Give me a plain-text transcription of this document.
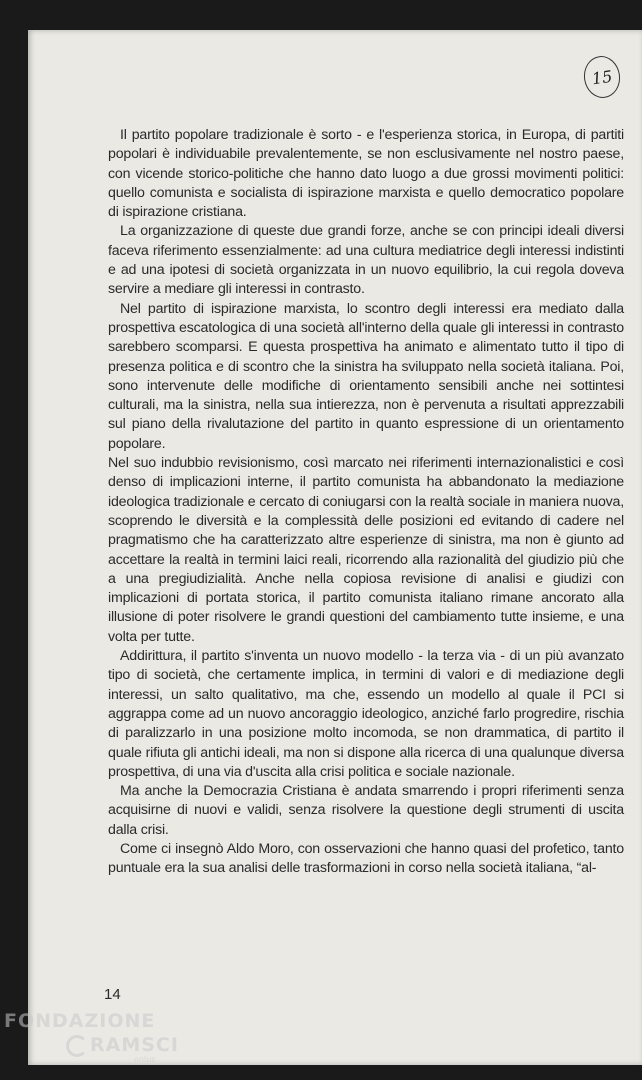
15

Il partito popolare tradizionale è sorto - e l'esperienza storica, in Europa, di partiti popolari è individuabile prevalentemente, se non esclusivamente nel nostro paese, con vicende storico-politiche che hanno dato luogo a due grossi movimenti politici: quello comunista e socialista di ispirazione marxista e quello democratico popolare di ispirazione cristiana.

La organizzazione di queste due grandi forze, anche se con principi ideali diversi faceva riferimento essenzialmente: ad una cultura mediatrice degli interessi indistinti e ad una ipotesi di società organizzata in un nuovo equilibrio, la cui regola doveva servire a mediare gli interessi in contrasto.

Nel partito di ispirazione marxista, lo scontro degli interessi era mediato dalla prospettiva escatologica di una società all'interno della quale gli interessi in contrasto sarebbero scomparsi. E questa prospettiva ha animato e alimentato tutto il tipo di presenza politica e di scontro che la sinistra ha sviluppato nella società italiana. Poi, sono intervenute delle modifiche di orientamento sensibili anche nei sottintesi culturali, ma la sinistra, nella sua intierezza, non è pervenuta a risultati apprezzabili sul piano della rivalutazione del partito in quanto espressione di un orientamento popolare.

Nel suo indubbio revisionismo, così marcato nei riferimenti internazionalistici e così denso di implicazioni interne, il partito comunista ha abbandonato la mediazione ideologica tradizionale e cercato di coniugarsi con la realtà sociale in maniera nuova, scoprendo le diversità e la complessità delle posizioni ed evitando di cadere nel pragmatismo che ha caratterizzato altre esperienze di sinistra, ma non è giunto ad accettare la realtà in termini laici reali, ricorrendo alla razionalità del giudizio più che a una pregiudizialità. Anche nella copiosa revisione di analisi e giudizi con implicazioni di portata storica, il partito comunista italiano rimane ancorato alla illusione di poter risolvere le grandi questioni del cambiamento tutte insieme, e una volta per tutte.

Addirittura, il partito s'inventa un nuovo modello - la terza via - di un più avanzato tipo di società, che certamente implica, in termini di valori e di mediazione degli interessi, un salto qualitativo, ma che, essendo un modello al quale il PCI si aggrappa come ad un nuovo ancoraggio ideologico, anziché farlo progredire, rischia di paralizzarlo in una posizione molto incomoda, se non drammatica, di partito il quale rifiuta gli antichi ideali, ma non si dispone alla ricerca di una qualunque diversa prospettiva, di una via d'uscita alla crisi politica e sociale nazionale.

Ma anche la Democrazia Cristiana è andata smarrendo i propri riferimenti senza acquisirne di nuovi e validi, senza risolvere la questione degli strumenti di uscita dalla crisi.

Come ci insegnò Aldo Moro, con osservazioni che hanno quasi del profetico, tanto puntuale era la sua analisi delle trasformazioni in corso nella società italiana, “al-

14
FONDAZIONE
RAMSCI
onlus
